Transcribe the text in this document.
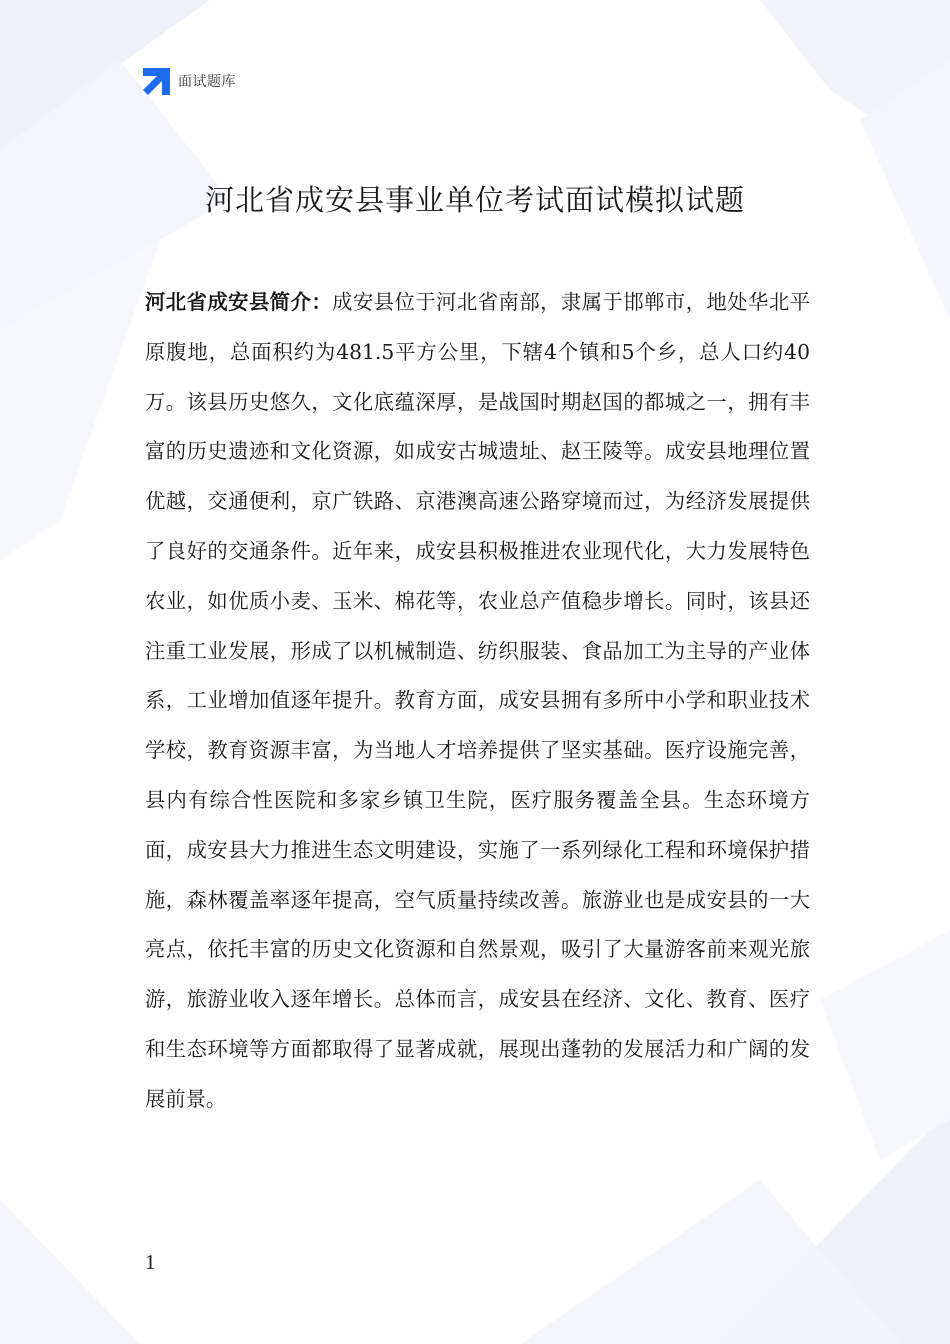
面试题库
河北省成安县事业单位考试面试模拟试题

河北省成安县简介：成安县位于河北省南部，隶属于邯郸市，地处华北平原腹地，总面积约为481.5平方公里，下辖4个镇和5个乡，总人口约40万。该县历史悠久，文化底蕴深厚，是战国时期赵国的都城之一，拥有丰富的历史遗迹和文化资源，如成安古城遗址、赵王陵等。成安县地理位置优越，交通便利，京广铁路、京港澳高速公路穿境而过，为经济发展提供了良好的交通条件。近年来，成安县积极推进农业现代化，大力发展特色农业，如优质小麦、玉米、棉花等，农业总产值稳步增长。同时，该县还注重工业发展，形成了以机械制造、纺织服装、食品加工为主导的产业体系，工业增加值逐年提升。教育方面，成安县拥有多所中小学和职业技术学校，教育资源丰富，为当地人才培养提供了坚实基础。医疗设施完善，县内有综合性医院和多家乡镇卫生院，医疗服务覆盖全县。生态环境方面，成安县大力推进生态文明建设，实施了一系列绿化工程和环境保护措施，森林覆盖率逐年提高，空气质量持续改善。旅游业也是成安县的一大亮点，依托丰富的历史文化资源和自然景观，吸引了大量游客前来观光旅游，旅游业收入逐年增长。总体而言，成安县在经济、文化、教育、医疗和生态环境等方面都取得了显著成就，展现出蓬勃的发展活力和广阔的发展前景。

1
